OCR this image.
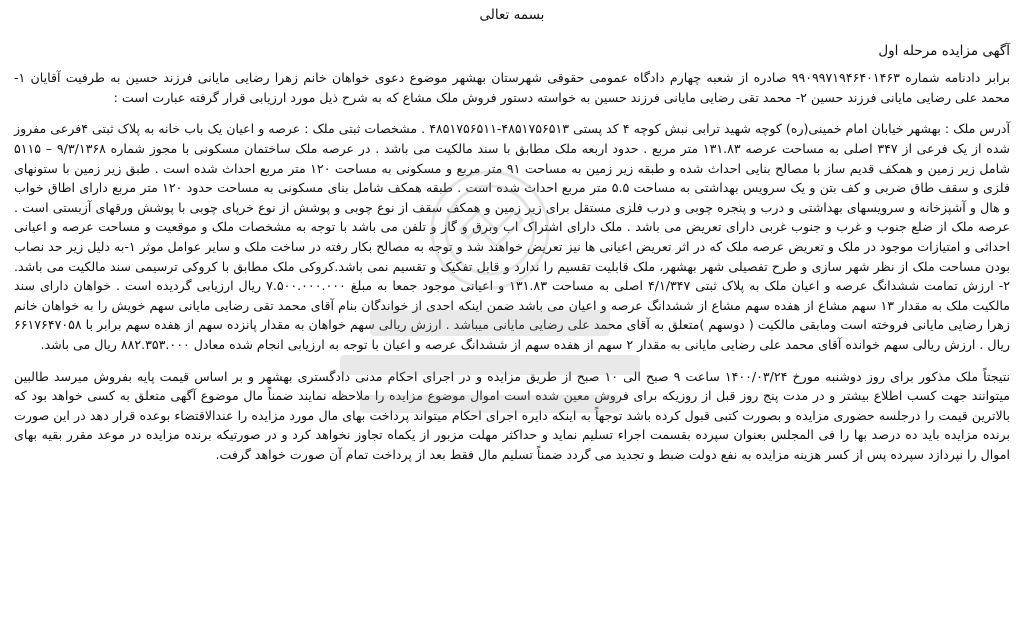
بسمه تعالی
آگهی مزایده مرحله اول
برابر دادنامه شماره ۹۹۰۹۹۷۱۹۴۶۴۰۱۴۶۳ صادره از شعبه چهارم دادگاه عمومی حقوقی شهرستان بهشهر موضوع دعوی خواهان خانم زهرا رضایی مایانی فرزند حسین به طرفیت آقایان ۱- محمد علی رضایی مایانی فرزند حسین ۲- محمد تقی رضایی مایانی فرزند حسین به خواسته دستور فروش ملک مشاع که به شرح ذیل مورد ارزیابی قرار گرفته عبارت است :
آدرس ملک : بهشهر خیابان امام خمینی(ره) کوچه شهید ترابی نبش کوچه ۴ کد پستی ۴۸۵۱۷۵۶۵۱۳-۴۸۵۱۷۵۶۵۱۱ . مشخصات ثبتی ملک : عرصه و اعیان یک باب خانه به پلاک ثبتی ۴فرعی مفروز شده از یک فرعی از ۳۴۷ اصلی به مساحت عرصه ۱۳۱.۸۳ متر مربع . حدود اربعه ملک مطابق با سند مالکیت می باشد . در عرصه ملک ساختمان مسکونی با مجوز شماره ۹/۳/۱۳۶۸ – ۵۱۱۵ شامل زیر زمین و همکف قدیم ساز با مصالح بنایی احداث شده و طبقه زیر زمین به مساحت ۹۱ متر مربع و مسکونی به مساحت ۱۲۰ متر مربع احداث شده است . طبق زیر زمین با ستونهای فلزی و سقف طاق ضربی و کف بتن و یک سرویس بهداشتی به مساحت ۵.۵ متر مربع احداث شده است . طبقه همکف شامل بنای مسکونی به مساحت حدود ۱۲۰ متر مربع دارای اطاق خواب و هال و آشپزخانه و سرویسهای بهداشتی و درب و پنجره چوبی و درب فلزی مستقل برای زیر زمین و همکف سقف از نوع چوبی و پوشش از نوع خرپای چوبی با پوشش ورقهای آزبستی است . عرصه ملک از ضلع جنوب و غرب و جنوب غربی دارای تعریض می باشد . ملک دارای اشتراک اب وبرق و گاز و تلفن می باشد با توجه به مشخصات ملک و موقعیت و مساحت عرصه و اعیانی احداثی و امتیازات موجود در ملک و تعریض عرصه ملک که در اثر تعریض اعیانی ها نیز تعریض خواهند شد و توجه به مصالح بکار رفته در ساخت ملک و سایر عوامل موثر ۱-به دلیل زیر حد نصاب بودن مساحت ملک از نظر شهر سازی و طرح تفصیلی شهر بهشهر، ملک قابلیت تقسیم را ندارد و قابل تفکیک و تقسیم نمی باشد.کروکی ملک مطابق با کروکی ترسیمی سند مالکیت می باشد. ۲- ارزش تمامت ششدانگ عرصه و اعیان ملک به پلاک ثبتی ۴/۱/۳۴۷ اصلی به مساحت ۱۳۱.۸۳ و اعیانی موجود جمعا به مبلغ ۷.۵۰۰.۰۰۰.۰۰۰ ریال ارزیابی گردیده است . خواهان دارای سند مالکیت ملک به مقدار ۱۳ سهم مشاع از هفده سهم مشاع از ششدانگ عرصه و اعیان می باشد ضمن اینکه احدی از خواندگان بنام آقای محمد تقی رضایی مایانی سهم خویش را به خواهان خانم زهرا رضایی مایانی فروخته است ومابقی مالکیت ( دوسهم )متعلق به آقای محمد علی رضایی مایانی میباشد . ارزش ریالی سهم خواهان به مقدار پانزده سهم از هفده سهم برابر با ۶۶۱۷۶۴۷۰۵۸ ریال . ارزش ریالی سهم خوانده آقای محمد علی رضایی مایانی به مقدار ۲ سهم از هفده سهم از ششدانگ عرصه و اعیان با توجه به ارزیابی انجام شده معادل ۸۸۲.۳۵۳.۰۰۰ ریال می باشد.
نتیجتاً ملک مذکور برای روز دوشنبه مورخ ۱۴۰۰/۰۳/۲۴ ساعت ۹ صبح الی ۱۰ صبح از طریق مزایده و در اجرای احکام مدنی دادگستری بهشهر و بر اساس قیمت پایه بفروش میرسد طالبین میتوانند جهت کسب اطلاع بیشتر و در مدت پنج روز قبل از روزیکه برای فروش معین شده است اموال موضوع مزایده را ملاحظه نمایند ضمناً مال موضوع آگهی متعلق به کسی خواهد بود که بالاترین قیمت را درجلسه حضوری مزایده و بصورت کتبی قبول کرده باشد توجهاً به اینکه دایره اجرای احکام میتواند پرداخت بهای مال مورد مزایده را عندالاقتضاء بوعده قرار دهد در این صورت برنده مزایده باید ده درصد بها را فی المجلس بعنوان سپرده بقسمت اجراء تسلیم نماید و حداکثر مهلت مزبور از یکماه تجاوز نخواهد کرد و در صورتیکه برنده مزایده در موعد مقرر بقیه بهای اموال را نپردازد سپرده پس از کسر هزینه مزایده به نفع دولت ضبط و تجدید می گردد ضمناً تسلیم مال فقط بعد از پرداخت تمام آن صورت خواهد گرفت.
